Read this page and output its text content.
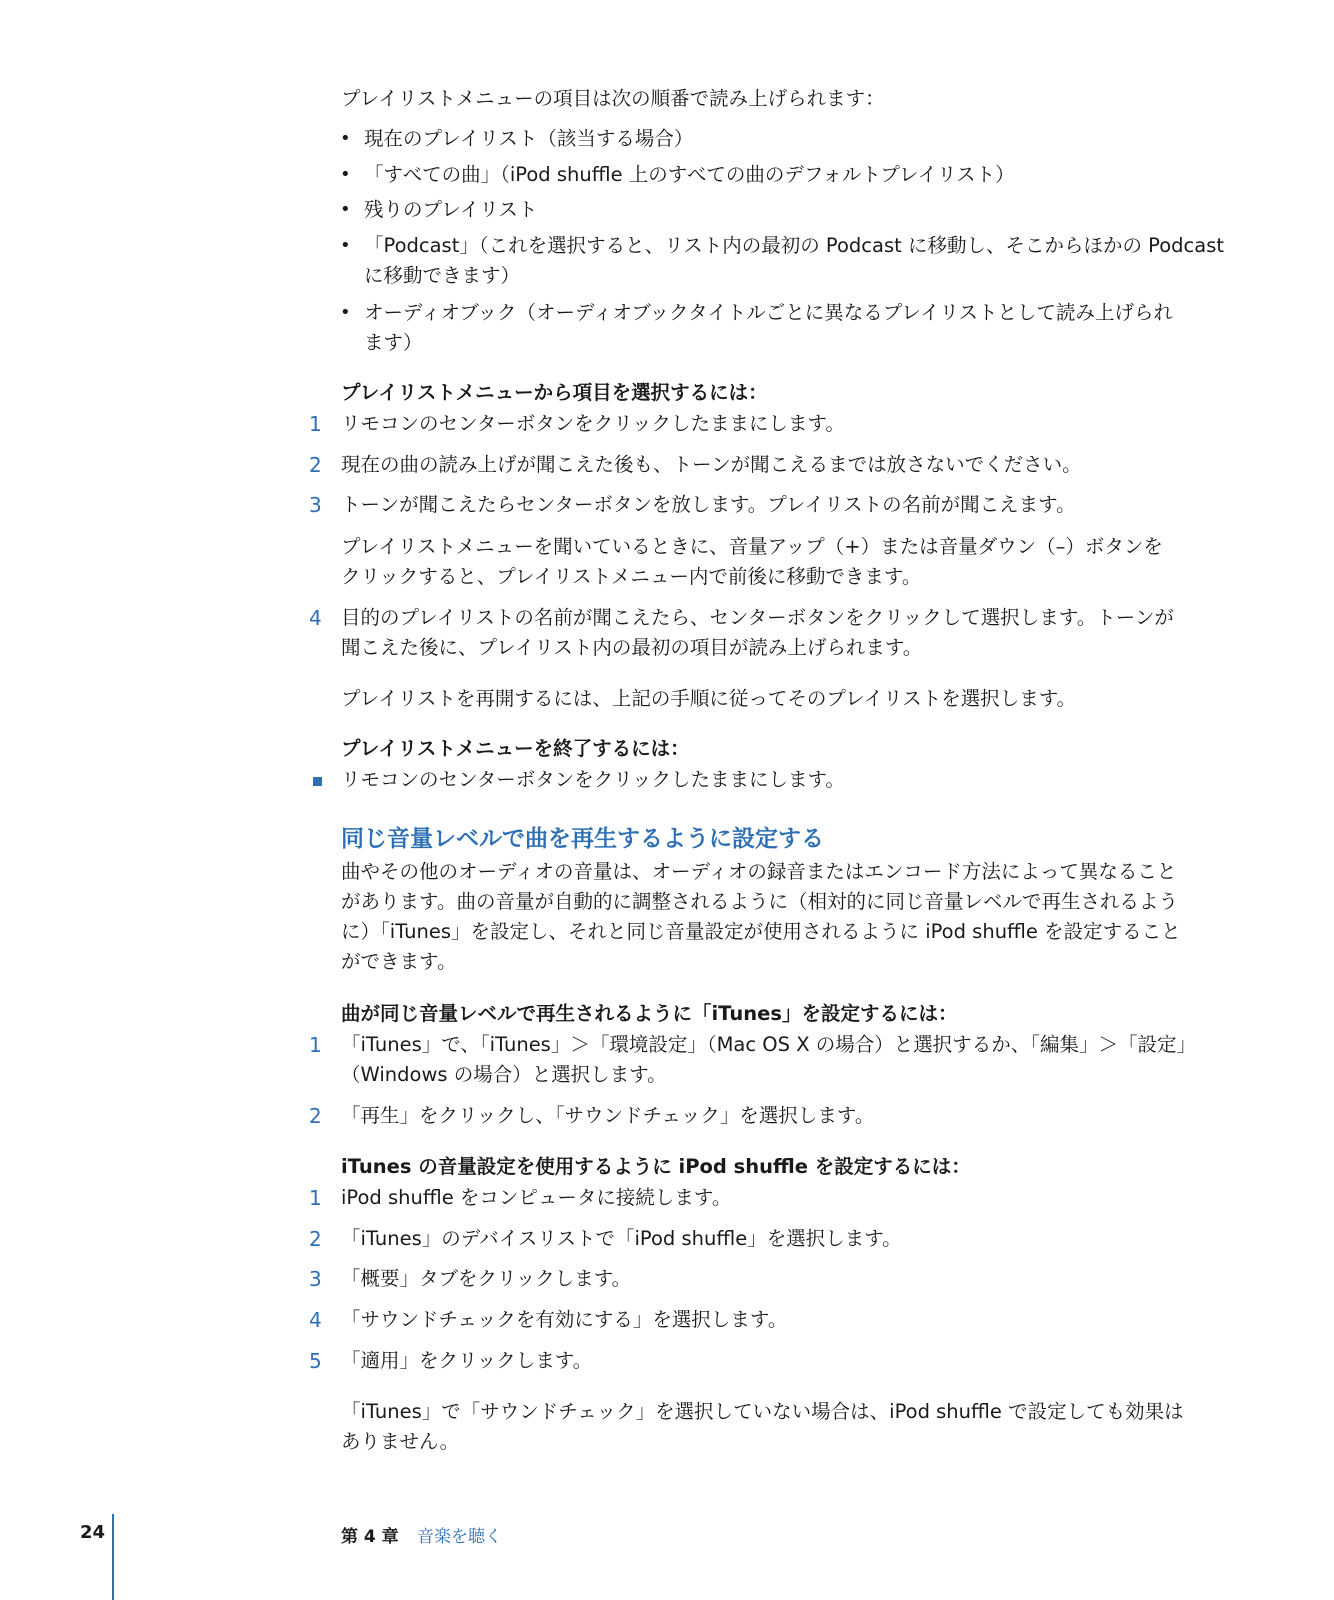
プレイリストメニューの項目は次の順番で読み上げられます：
• 現在のプレイリスト（該当する場合）
• 「すべての曲」（iPod shuffle 上のすべての曲のデフォルトプレイリスト）
• 残りのプレイリスト
• 「Podcast」（これを選択すると、リスト内の最初の Podcast に移動し、そこからほかの Podcast
に移動できます）
• オーディオブック（オーディオブックタイトルごとに異なるプレイリストとして読み上げられ
ます）
プレイリストメニューから項目を選択するには：
1 リモコンのセンターボタンをクリックしたままにします。
2 現在の曲の読み上げが聞こえた後も、トーンが聞こえるまでは放さないでください。
3 トーンが聞こえたらセンターボタンを放します。プレイリストの名前が聞こえます。
プレイリストメニューを聞いているときに、音量アップ（+）または音量ダウン（–）ボタンを
クリックすると、プレイリストメニュー内で前後に移動できます。
4 目的のプレイリストの名前が聞こえたら、センターボタンをクリックして選択します。トーンが
聞こえた後に、プレイリスト内の最初の項目が読み上げられます。
プレイリストを再開するには、上記の手順に従ってそのプレイリストを選択します。
プレイリストメニューを終了するには：
リモコンのセンターボタンをクリックしたままにします。
同じ音量レベルで曲を再生するように設定する
曲やその他のオーディオの音量は、オーディオの録音またはエンコード方法によって異なること
があります。曲の音量が自動的に調整されるように（相対的に同じ音量レベルで再生されるよう
に）「iTunes」を設定し、それと同じ音量設定が使用されるように iPod shuffle を設定すること
ができます。
曲が同じ音量レベルで再生されるように「iTunes」を設定するには：
1 「iTunes」で、「iTunes」＞「環境設定」（Mac OS X の場合）と選択するか、「編集」＞「設定」
（Windows の場合）と選択します。
2 「再生」をクリックし、「サウンドチェック」を選択します。
iTunes の音量設定を使用するように iPod shuffle を設定するには：
1 iPod shuffle をコンピュータに接続します。
2 「iTunes」のデバイスリストで「iPod shuffle」を選択します。
3 「概要」タブをクリックします。
4 「サウンドチェックを有効にする」を選択します。
5 「適用」をクリックします。
「iTunes」で「サウンドチェック」を選択していない場合は、iPod shuffle で設定しても効果は
ありません。
24	第 4 章 音楽を聴く
